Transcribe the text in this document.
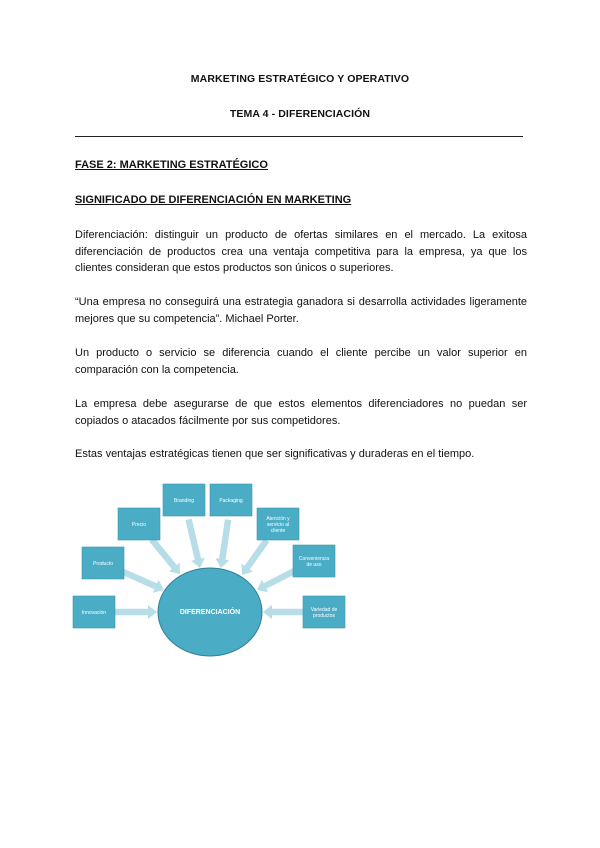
MARKETING ESTRATÉGICO Y OPERATIVO
TEMA 4 - DIFERENCIACIÓN
FASE 2: MARKETING ESTRATÉGICO
SIGNIFICADO DE DIFERENCIACIÓN EN MARKETING
Diferenciación: distinguir un producto de ofertas similares en el mercado. La exitosa diferenciación de productos crea una ventaja competitiva para la empresa, ya que los clientes consideran que estos productos son únicos o superiores.
“Una empresa no conseguirá una estrategia ganadora si desarrolla actividades ligeramente mejores que su competencia”. Michael Porter.
Un producto o servicio se diferencia cuando el cliente percibe un valor superior en comparación con la competencia.
La empresa debe asegurarse de que estos elementos diferenciadores no puedan ser copiados o atacados fácilmente por sus competidores.
Estas ventajas estratégicas tienen que ser significativas y duraderas en el tiempo.
DIFERENCIACIÓN
Innovación
Producto
Precio
Branding	Packaging
Atención y
servicio al
cliente
Conveniencia
de uso
Variedad de
productos
